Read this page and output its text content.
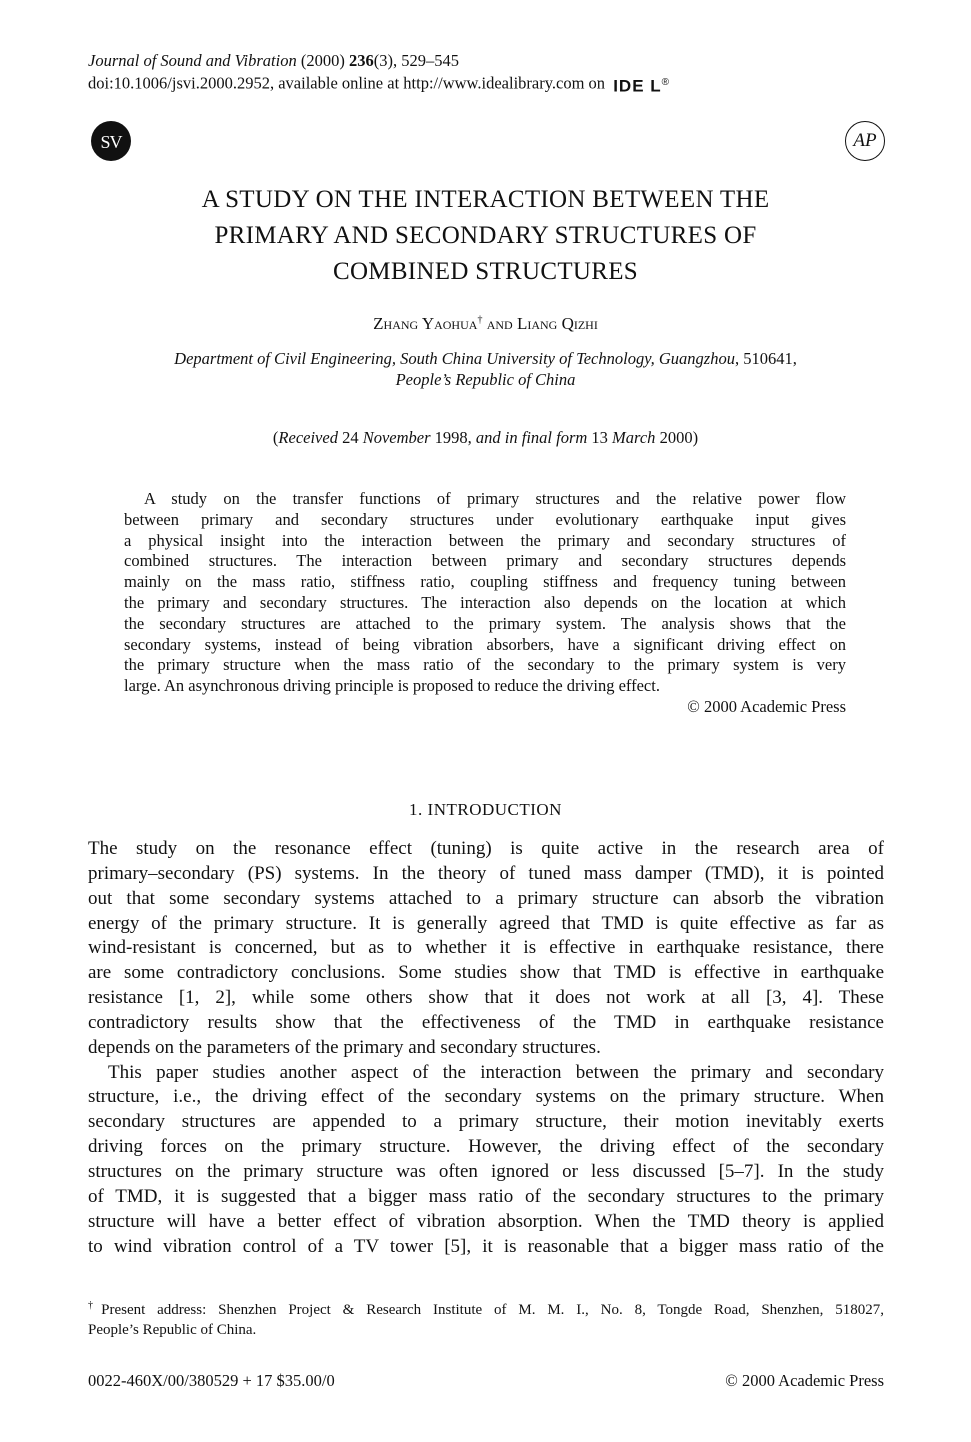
Journal of Sound and Vibration (2000) 236(3), 529–545
doi:10.1006/jsvi.2000.2952, available online at http://www.idealibrary.com on IDE L®
SV	AP
A STUDY ON THE INTERACTION BETWEEN THE
PRIMARY AND SECONDARY STRUCTURES OF
COMBINED STRUCTURES
Zhang Yaohua† and Liang Qizhi
Department of Civil Engineering, South China University of Technology, Guangzhou, 510641,
People’s Republic of China
(Received 24 November 1998, and in final form 13 March 2000)
A study on the transfer functions of primary structures and the relative power flow
between primary and secondary structures under evolutionary earthquake input gives
a physical insight into the interaction between the primary and secondary structures of
combined structures. The interaction between primary and secondary structures depends
mainly on the mass ratio, stiffness ratio, coupling stiffness and frequency tuning between
the primary and secondary structures. The interaction also depends on the location at which
the secondary structures are attached to the primary system. The analysis shows that the
secondary systems, instead of being vibration absorbers, have a significant driving effect on
the primary structure when the mass ratio of the secondary to the primary system is very
large. An asynchronous driving principle is proposed to reduce the driving effect.
© 2000 Academic Press
1. INTRODUCTION
The study on the resonance effect (tuning) is quite active in the research area of
primary–secondary (PS) systems. In the theory of tuned mass damper (TMD), it is pointed
out that some secondary systems attached to a primary structure can absorb the vibration
energy of the primary structure. It is generally agreed that TMD is quite effective as far as
wind-resistant is concerned, but as to whether it is effective in earthquake resistance, there
are some contradictory conclusions. Some studies show that TMD is effective in earthquake
resistance [1, 2], while some others show that it does not work at all [3, 4]. These
contradictory results show that the effectiveness of the TMD in earthquake resistance
depends on the parameters of the primary and secondary structures.
This paper studies another aspect of the interaction between the primary and secondary
structure, i.e., the driving effect of the secondary systems on the primary structure. When
secondary structures are appended to a primary structure, their motion inevitably exerts
driving forces on the primary structure. However, the driving effect of the secondary
structures on the primary structure was often ignored or less discussed [5–7]. In the study
of TMD, it is suggested that a bigger mass ratio of the secondary structures to the primary
structure will have a better effect of vibration absorption. When the TMD theory is applied
to wind vibration control of a TV tower [5], it is reasonable that a bigger mass ratio of the
†Present address: Shenzhen Project & Research Institute of M. M. I., No. 8, Tongde Road, Shenzhen, 518027,
People’s Republic of China.
0022-460X/00/380529 + 17 $35.00/0	© 2000 Academic Press
